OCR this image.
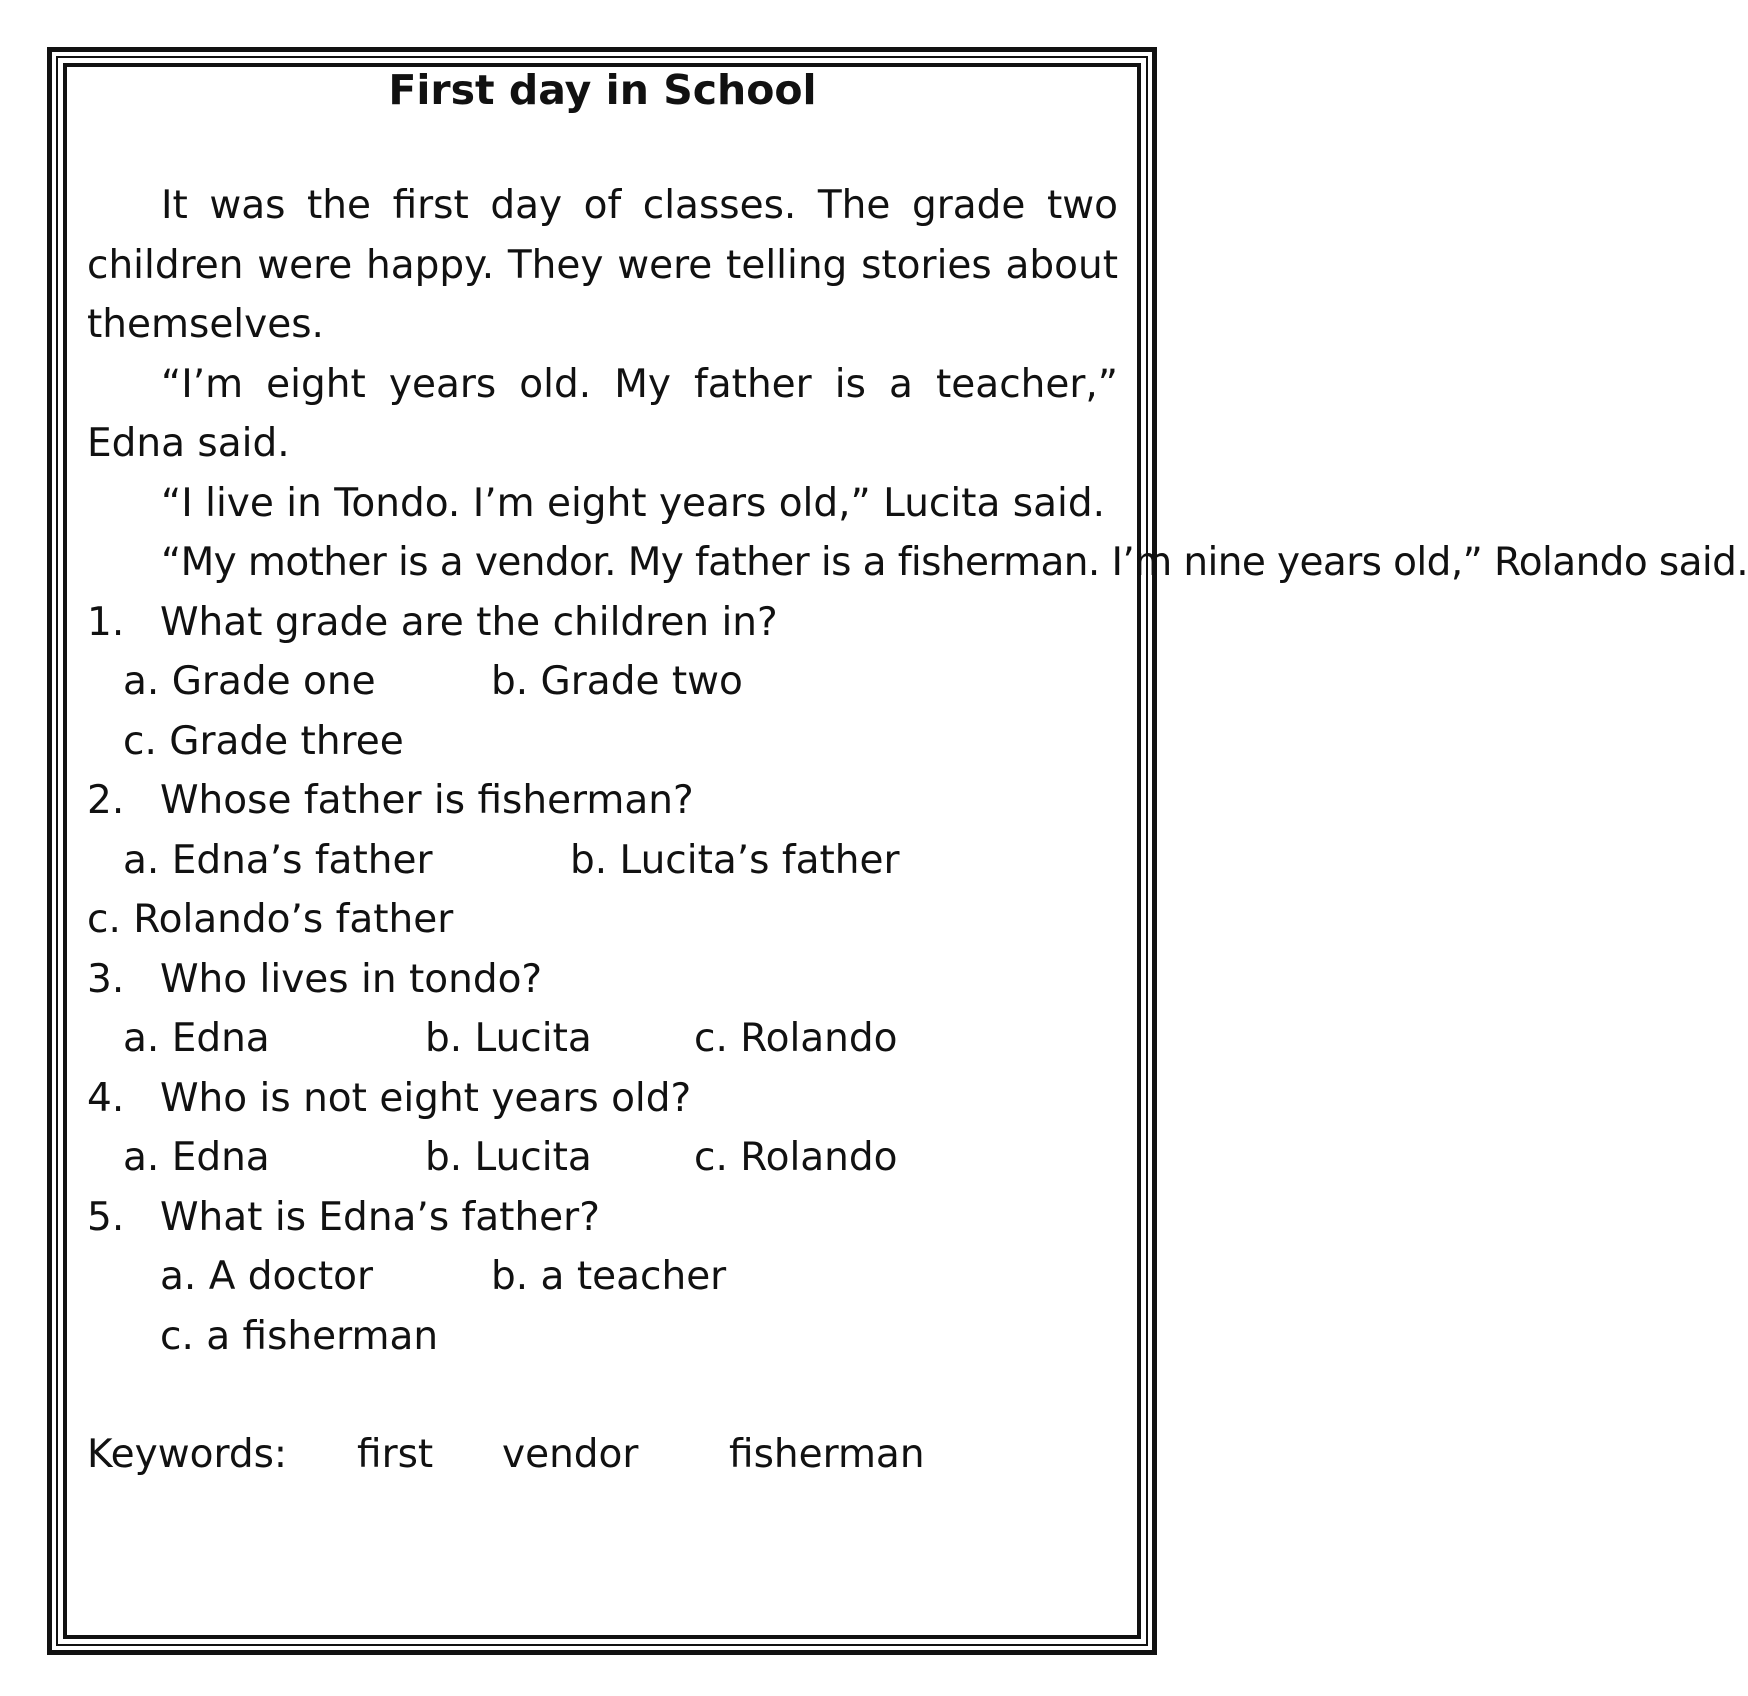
First day in School

It was the first day of classes. The grade two children were happy. They were telling stories about themselves.

“I’m eight years old. My father is a teacher,” Edna said.

“I live in Tondo. I’m eight years old,” Lucita said.

“My mother is a vendor. My father is a fisherman. I’m nine years old,” Rolando said.

1. What grade are the children in?
a. Grade one	b. Grade two
c. Grade three
2. Whose father is fisherman?
a. Edna’s father	b. Lucita’s father
c. Rolando’s father
3. Who lives in tondo?
a. Edna	b. Lucita	c. Rolando
4. Who is not eight years old?
a. Edna	b. Lucita	c. Rolando
5. What is Edna’s father?
a. A doctor	b. a teacher
c. a fisherman
Keywords: first vendor fisherman
